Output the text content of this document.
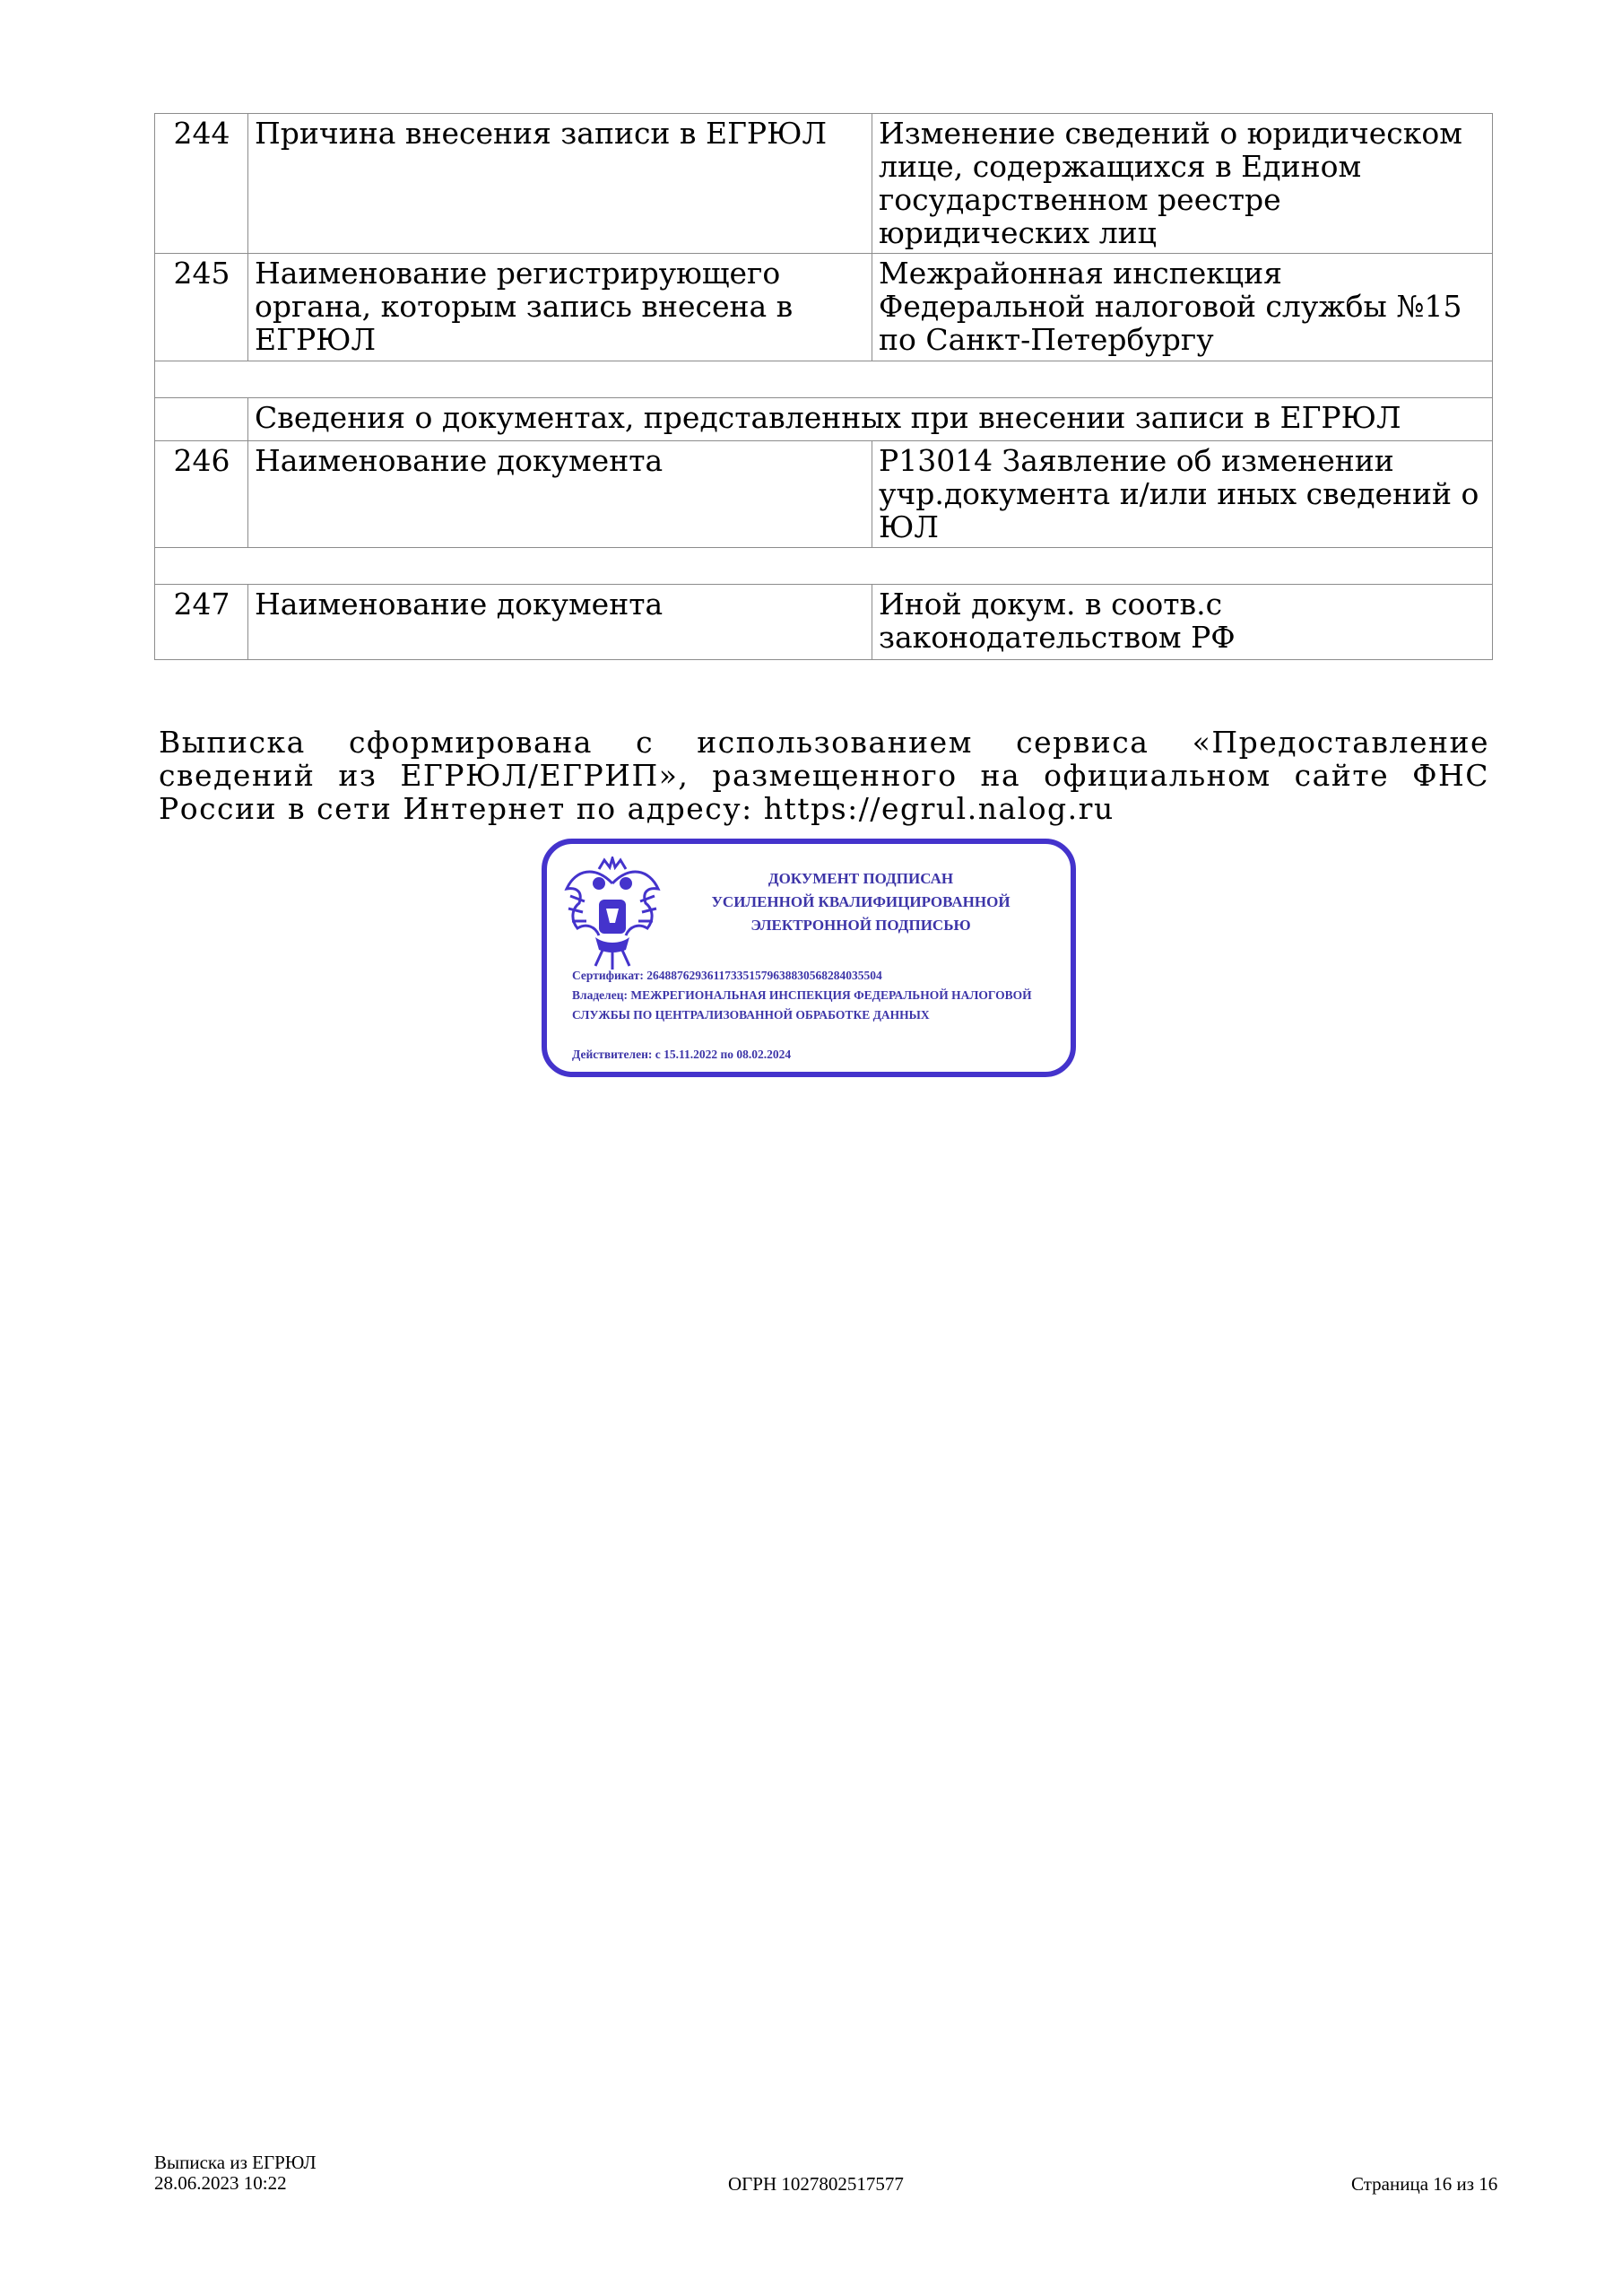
244	Причина внесения записи в ЕГРЮЛ	Изменение сведений о юридическом лице, содержащихся в Едином государственном реестре юридических лиц
245	Наименование регистрирующего органа, которым запись внесена в ЕГРЮЛ	Межрайонная инспекция Федеральной налоговой службы №15 по Санкт-Петербургу

	Сведения о документах, представленных при внесении записи в ЕГРЮЛ	
246	Наименование документа	Р13014 Заявление об изменении учр.документа и/или иных сведений о ЮЛ

247	Наименование документа	Иной докум. в соотв.с законодательством РФ

Выписка сформирована с использованием сервиса «Предоставление сведений из ЕГРЮЛ/ЕГРИП», размещенного на официальном сайте ФНС России в сети Интернет по адресу: https://egrul.nalog.ru

ДОКУМЕНТ ПОДПИСАН
УСИЛЕННОЙ КВАЛИФИЦИРОВАННОЙ
ЭЛЕКТРОННОЙ ПОДПИСЬЮ
Сертификат: 264887629361173351579638830568284035504
Владелец: МЕЖРЕГИОНАЛЬНАЯ ИНСПЕКЦИЯ ФЕДЕРАЛЬНОЙ НАЛОГОВОЙ СЛУЖБЫ ПО ЦЕНТРАЛИЗОВАННОЙ ОБРАБОТКЕ ДАННЫХ
Действителен: с 15.11.2022 по 08.02.2024
Выписка из ЕГРЮЛ
28.06.2023 10:22	ОГРН 1027802517577	Страница 16 из 16
